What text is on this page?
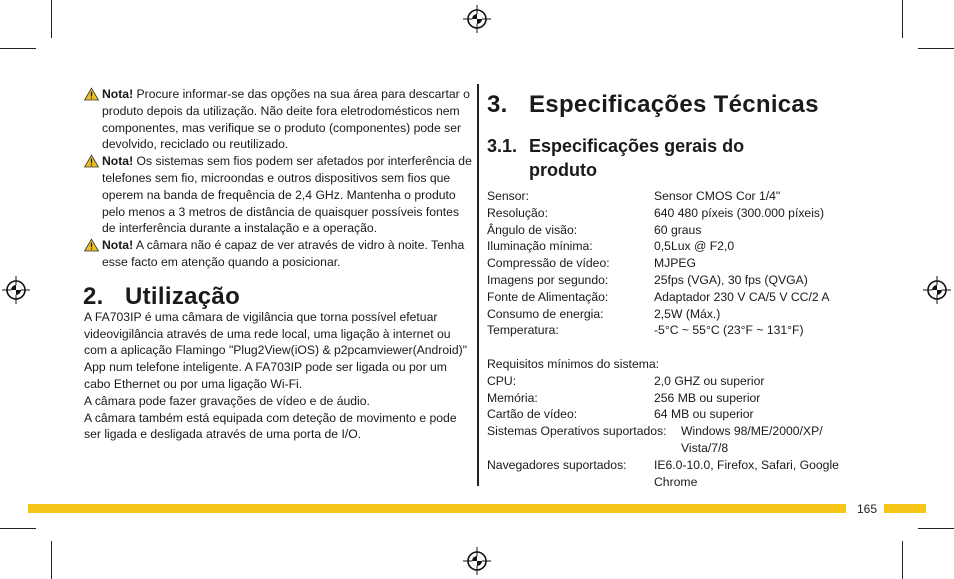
Nota! Procure informar-se das opções na sua área para descartar o produto depois da utilização. Não deite fora eletrodomésticos nem componentes, mas verifique se o produto (componentes) pode ser devolvido, reciclado ou reutilizado.

Nota! Os sistemas sem fios podem ser afetados por interferência de telefones sem fio, microondas e outros dispositivos sem fios que operem na banda de frequência de 2,4 GHz. Mantenha o produto pelo menos a 3 metros de distância de quaisquer possíveis fontes de interferência durante a instalação e a operação.

Nota! A câmara não é capaz de ver através de vidro à noite. Tenha esse facto em atenção quando a posicionar.

2. Utilização

A FA703IP é uma câmara de vigilância que torna possível efetuar videovigilância através de uma rede local, uma ligação à internet ou com a aplicação Flamingo "Plug2View(iOS) & p2pcamviewer(Android)" App num telefone inteligente. A FA703IP pode ser ligada ou por um cabo Ethernet ou por uma ligação Wi-Fi.

A câmara pode fazer gravações de vídeo e de áudio.

A câmara também está equipada com deteção de movimento e pode ser ligada e desligada através de uma porta de I/O.

3. Especificações Técnicas
3.1. Especificações gerais do produto
Sensor:	Sensor CMOS Cor 1/4"
Resolução:	640 480 píxeis (300.000 píxeis)
Ângulo de visão:	60 graus
Iluminação mínima:	0,5Lux @ F2,0
Compressão de vídeo:	MJPEG
Imagens por segundo:	25fps (VGA), 30 fps (QVGA)
Fonte de Alimentação:	Adaptador 230 V CA/5 V CC/2 A
Consumo de energia:	2,5W (Máx.)
Temperatura:	-5°C ~ 55°C (23°F ~ 131°F)
Requisitos mínimos do sistema:
CPU:	2,0 GHZ ou superior
Memória:	256 MB ou superior
Cartão de vídeo:	64 MB ou superior
Sistemas Operativos suportados:	Windows 98/ME/2000/XP/ Vista/7/8
Navegadores suportados:	IE6.0-10.0, Firefox, Safari, Google Chrome
165
